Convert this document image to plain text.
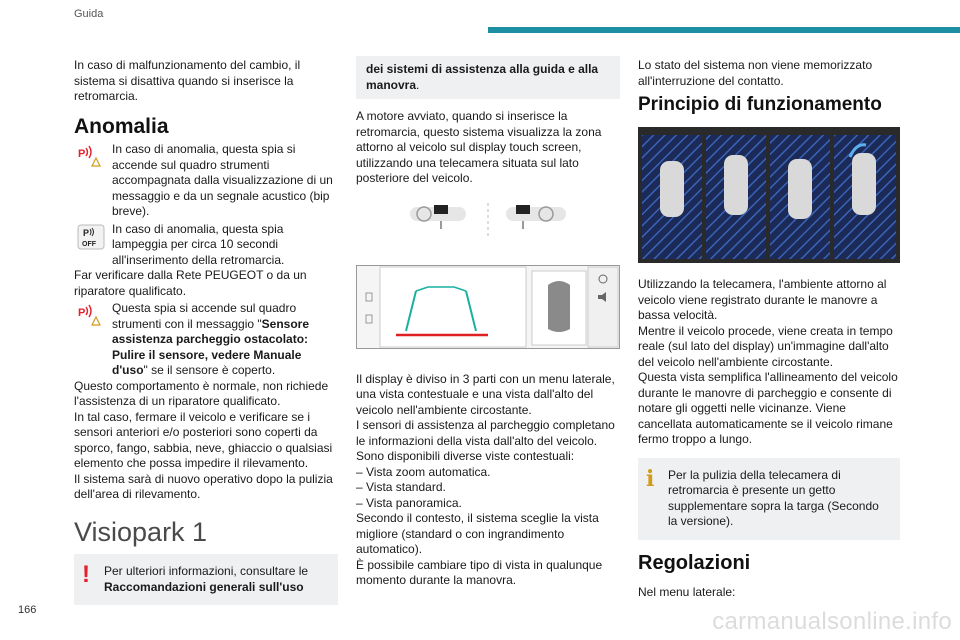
Guida

In caso di malfunzionamento del cambio, il sistema si disattiva quando si inserisce la retromarcia.

Anomalia
P In caso di anomalia, questa spia si accende sul quadro strumenti accompagnata dalla visualizzazione di un messaggio e da un segnale acustico (bip breve).
P
OFF
In caso di anomalia, questa spia lampeggia per circa 10 secondi all'inserimento della retromarcia.

Far verificare dalla Rete PEUGEOT o da un riparatore qualificato.

P Questa spia si accende sul quadro strumenti con il messaggio "Sensore assistenza parcheggio ostacolato: Pulire il sensore, vedere Manuale d'uso" se il sensore è coperto.

Questo comportamento è normale, non richiede l'assistenza di un riparatore qualificato.

In tal caso, fermare il veicolo e verificare se i sensori anteriori e/o posteriori sono coperti da sporco, fango, sabbia, neve, ghiaccio o qualsiasi elemento che possa impedire il rilevamento.

Il sistema sarà di nuovo operativo dopo la pulizia dell'area di rilevamento.

Visiopark 1
!	Per ulteriori informazioni, consultare le Raccomandazioni generali sull'uso
dei sistemi di assistenza alla guida e alla manovra.

A motore avviato, quando si inserisce la retromarcia, questo sistema visualizza la zona attorno al veicolo sul display touch screen, utilizzando una telecamera situata sul lato posteriore del veicolo.

Il display è diviso in 3 parti con un menu laterale, una vista contestuale e una vista dall'alto del veicolo nell'ambiente circostante.

I sensori di assistenza al parcheggio completano le informazioni della vista dall'alto del veicolo.

Sono disponibili diverse viste contestuali:

– Vista zoom automatica.

– Vista standard.

– Vista panoramica.

Secondo il contesto, il sistema sceglie la vista migliore (standard o con ingrandimento automatico).

È possibile cambiare tipo di vista in qualunque momento durante la manovra.

Lo stato del sistema non viene memorizzato all'interruzione del contatto.

Principio di funzionamento

Utilizzando la telecamera, l'ambiente attorno al veicolo viene registrato durante le manovre a bassa velocità.

Mentre il veicolo procede, viene creata in tempo reale (sul lato del display) un'immagine dall'alto del veicolo nell'ambiente circostante.

Questa vista semplifica l'allineamento del veicolo durante le manovre di parcheggio e consente di notare gli oggetti nelle vicinanze. Viene cancellata automaticamente se il veicolo rimane fermo troppo a lungo.

i	Per la pulizia della telecamera di retromarcia è presente un getto supplementare sopra la targa (Secondo la versione).
Regolazioni

Nel menu laterale:

166	carmanualsonline.info
